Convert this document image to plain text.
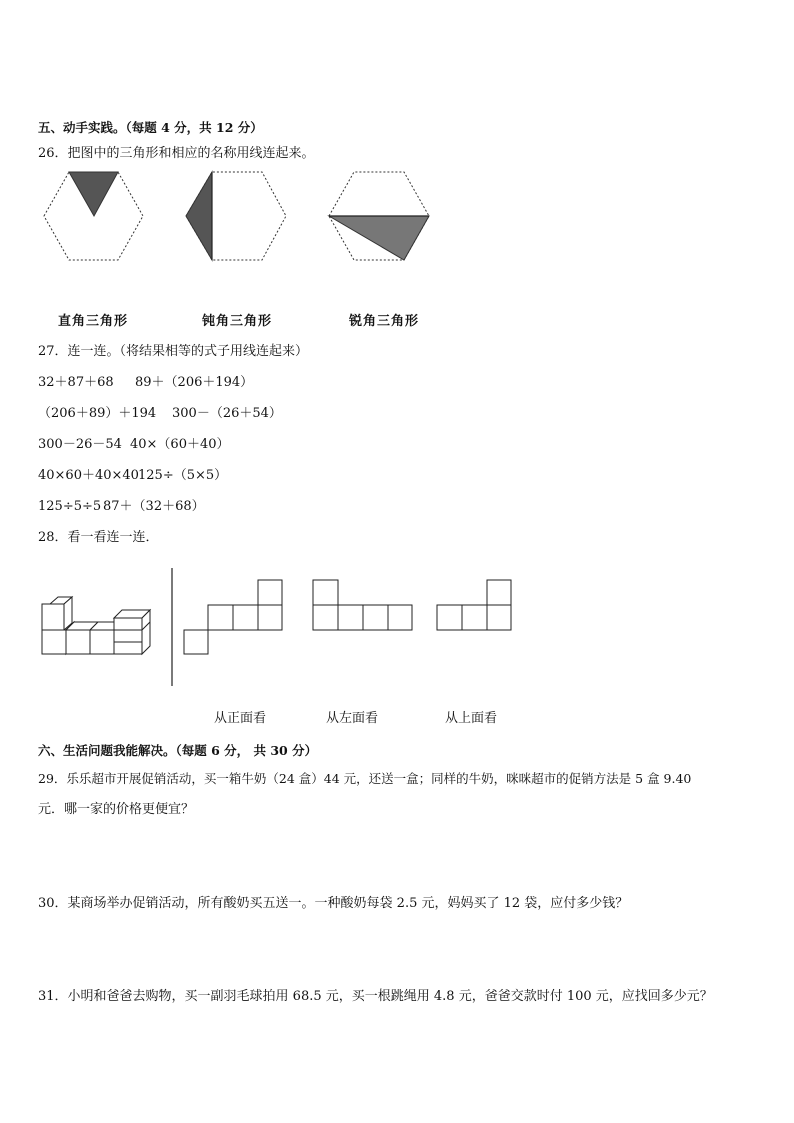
五、动手实践。（每题 4 分，共 12 分）
26．把图中的三角形和相应的名称用线连起来。
直角三角形	钝角三角形	锐角三角形
27．连一连。（将结果相等的式子用线连起来）
32＋87＋68 89＋（206＋194）
（206＋89）＋194 300－（26＋54）
300－26－54 40×（60＋40）
40×60＋40×40 125÷（5×5）
125÷5÷5 87＋（32＋68）
28．看一看连一连．
从正面看	从左面看	从上面看
六、生活问题我能解决。（每题 6 分， 共 30 分）
29．乐乐超市开展促销活动，买一箱牛奶（24 盒）44 元，还送一盒；同样的牛奶，咪咪超市的促销方法是 5 盒 9.40
元．哪一家的价格更便宜？
30．某商场举办促销活动，所有酸奶买五送一。一种酸奶每袋 2.5 元，妈妈买了 12 袋，应付多少钱？
31．小明和爸爸去购物，买一副羽毛球拍用 68.5 元，买一根跳绳用 4.8 元，爸爸交款时付 100 元，应找回多少元？
